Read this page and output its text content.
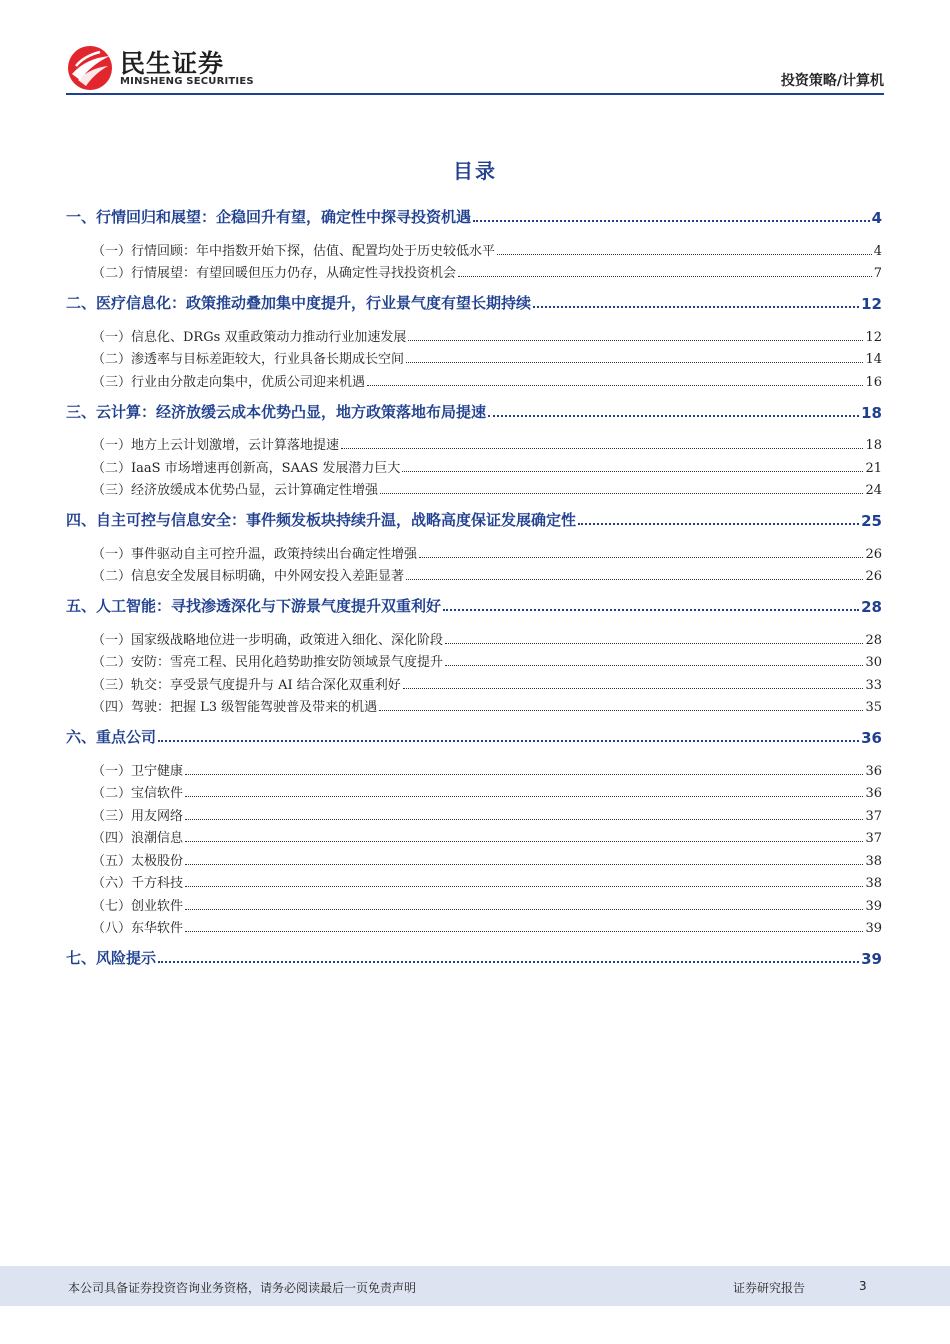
民生证券
MINSHENG SECURITIES	投资策略/计算机
目录
一、行情回归和展望：企稳回升有望，确定性中探寻投资机遇	4
（一）行情回顾：年中指数开始下探，估值、配置均处于历史较低水平	4
（二）行情展望：有望回暖但压力仍存，从确定性寻找投资机会	7
二、医疗信息化：政策推动叠加集中度提升，行业景气度有望长期持续	12
（一）信息化、DRGs 双重政策动力推动行业加速发展	12
（二）渗透率与目标差距较大，行业具备长期成长空间	14
（三）行业由分散走向集中，优质公司迎来机遇	16
三、云计算：经济放缓云成本优势凸显，地方政策落地布局提速	18
（一）地方上云计划激增，云计算落地提速	18
（二）IaaS 市场增速再创新高，SAAS 发展潜力巨大	21
（三）经济放缓成本优势凸显，云计算确定性增强	24
四、自主可控与信息安全：事件频发板块持续升温，战略高度保证发展确定性	25
（一）事件驱动自主可控升温，政策持续出台确定性增强	26
（二）信息安全发展目标明确，中外网安投入差距显著	26
五、人工智能：寻找渗透深化与下游景气度提升双重利好	28
（一）国家级战略地位进一步明确，政策进入细化、深化阶段	28
（二）安防：雪亮工程、民用化趋势助推安防领域景气度提升	30
（三）轨交：享受景气度提升与 AI 结合深化双重利好	33
（四）驾驶：把握 L3 级智能驾驶普及带来的机遇	35
六、重点公司	36
（一）卫宁健康	36
（二）宝信软件	36
（三）用友网络	37
（四）浪潮信息	37
（五）太极股份	38
（六）千方科技	38
（七）创业软件	39
（八）东华软件	39
七、风险提示	39
本公司具备证券投资咨询业务资格，请务必阅读最后一页免责声明	证券研究报告	3
